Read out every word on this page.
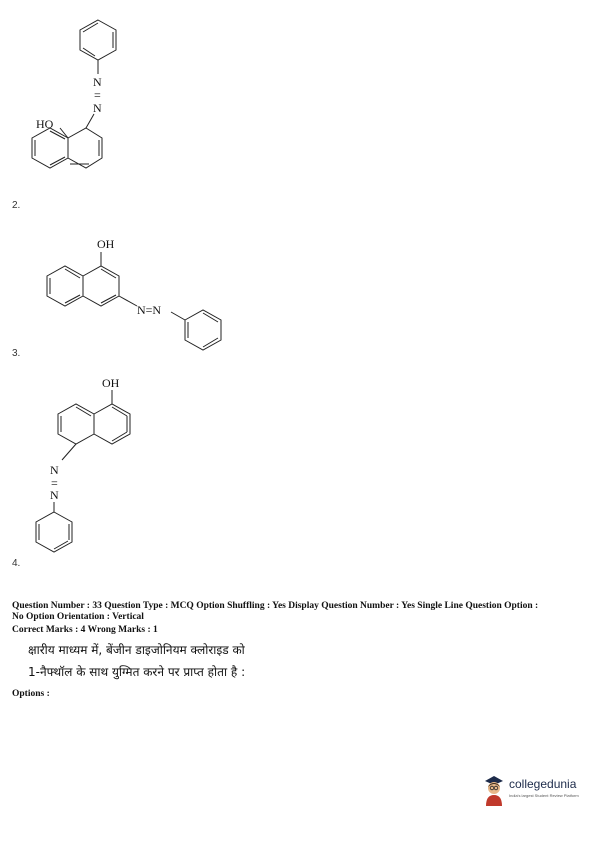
N
=
N
HO
2.
OH
N=N
3.
OH
N
=
N
4.
Question Number : 33 Question Type : MCQ Option Shuffling : Yes Display Question Number : Yes Single Line Question Option :
No Option Orientation : Vertical
Correct Marks : 4 Wrong Marks : 1
क्षारीय माध्यम में, बेंजीन डाइजोनियम क्लोराइड को
1-नैफ्थॉल के साथ युग्मित करने पर प्राप्त होता है :
Options :
collegedunia
India's largest Student Review Platform
